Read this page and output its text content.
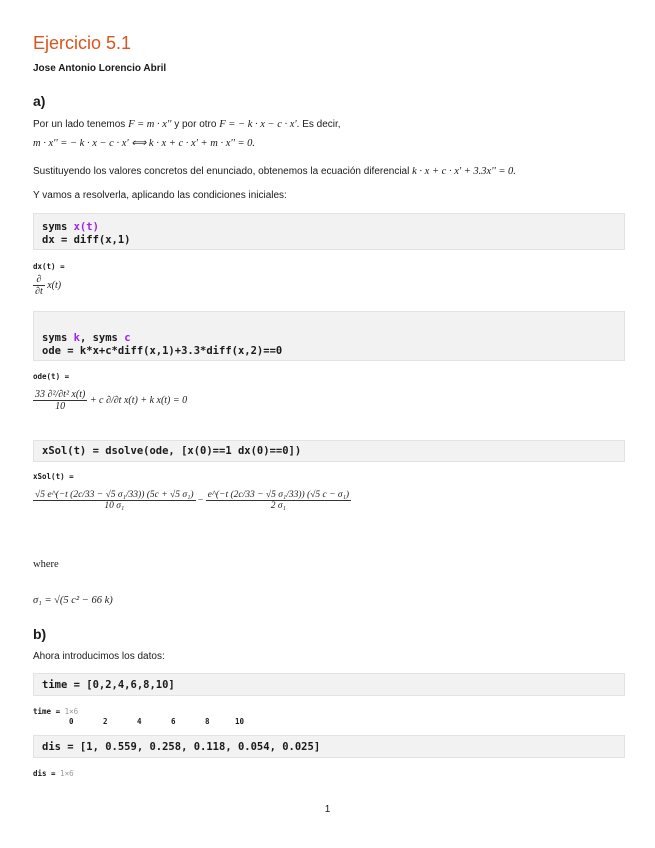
Ejercicio 5.1
Jose Antonio Lorencio Abril
a)
Por un lado tenemos F = m · x'' y por otro F = − k · x − c · x'. Es decir,
m · x'' = − k · x − c · x' ⟺ k · x + c · x' + m · x'' = 0.
Sustituyendo los valores concretos del enunciado, obtenemos la ecuación diferencial k · x + c · x' + 3.3x'' = 0.
Y vamos a resolverla, aplicando las condiciones iniciales:
syms x(t)
dx = diff(x,1)
dx(t) =
$\frac{\partial}{\partial t} x(t)$
syms k, syms c
ode = k*x+c*diff(x,1)+3.3*diff(x,2)==0
ode(t) =
$\frac{\text{33 ∂²/∂t² x(t)}}{10} + c$ ∂/∂t x(t) + k x(t) = 0
xSol(t) = dsolve(ode, [x(0)==1 dx(0)==0])
xSol(t) =
$\frac{\text{√5 e\textasciicircum{}(−t (2c/33 − √5 σ₁/33)) (5c + √5 σ₁)}}{\text{10 σ₁}} - \frac{\text{e\textasciicircum{}(−t (2c/33 − √5 σ₁/33)) (√5 c − σ₁)}}{\text{2 σ₁}}$
where
σ₁ = √(5 c² − 66 k)
b)
Ahora introducimos los datos:
time = [0,2,4,6,8,10]
time = 1×6
0	2	4	6	8	10
dis = [1, 0.559, 0.258, 0.118, 0.054, 0.025]
dis = 1×6
1
